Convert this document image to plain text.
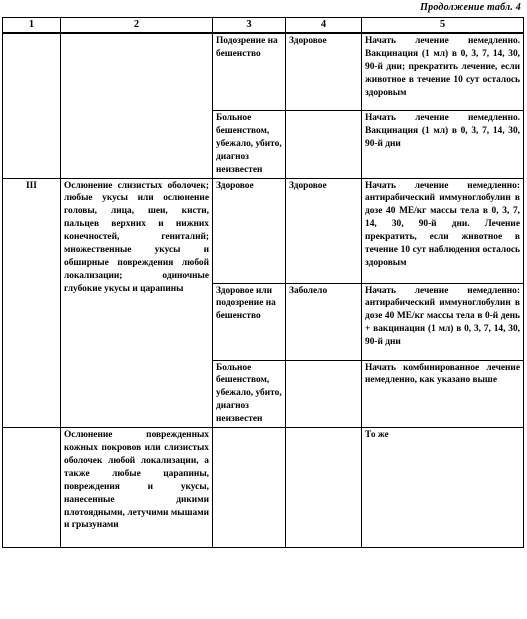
Продолжение табл. 4
1	2	3	4	5
		Подозрение на бешенство	Здоровое	Начать лечение немедленно. Вакцинация (1 мл) в 0, 3, 7, 14, 30, 90-й дни; прекратить лечение, если животное в течение 10 сут осталось здоровым
		Больное бешенством, убежало, убито, диагноз неизвестен		Начать лечение немедленно. Вакцинация (1 мл) в 0, 3, 7, 14, 30, 90-й дни
III	Ослюнение слизистых оболочек; любые укусы или ослюнение головы, лица, шеи, кисти, пальцев верхних и нижних конечностей, гениталий; множественные укусы и обширные повреждения любой локализации; одиночные глубокие укусы и царапины	Здоровое	Здоровое	Начать лечение немедленно: антирабический иммуноглобулин в дозе 40 МЕ/кг массы тела в 0, 3, 7, 14, 30, 90-й дни. Лечение прекратить, если животное в течение 10 сут наблюдения осталось здоровым
		Здоровое или подозрение на бешенство	Заболело	Начать лечение немедленно: антирабический иммуноглобулин в дозе 40 МЕ/кг массы тела в 0-й день + вакцинация (1 мл) в 0, 3, 7, 14, 30, 90-й дни
		Больное бешенством, убежало, убито, диагноз неизвестен		Начать комбинированное лечение немедленно, как указано выше
	Ослюнение поврежденных кожных покровов или слизистых оболочек любой локализации, а также любые царапины, повреждения и укусы, нанесенные дикими плотоядными, летучими мышами и грызунами			То же
